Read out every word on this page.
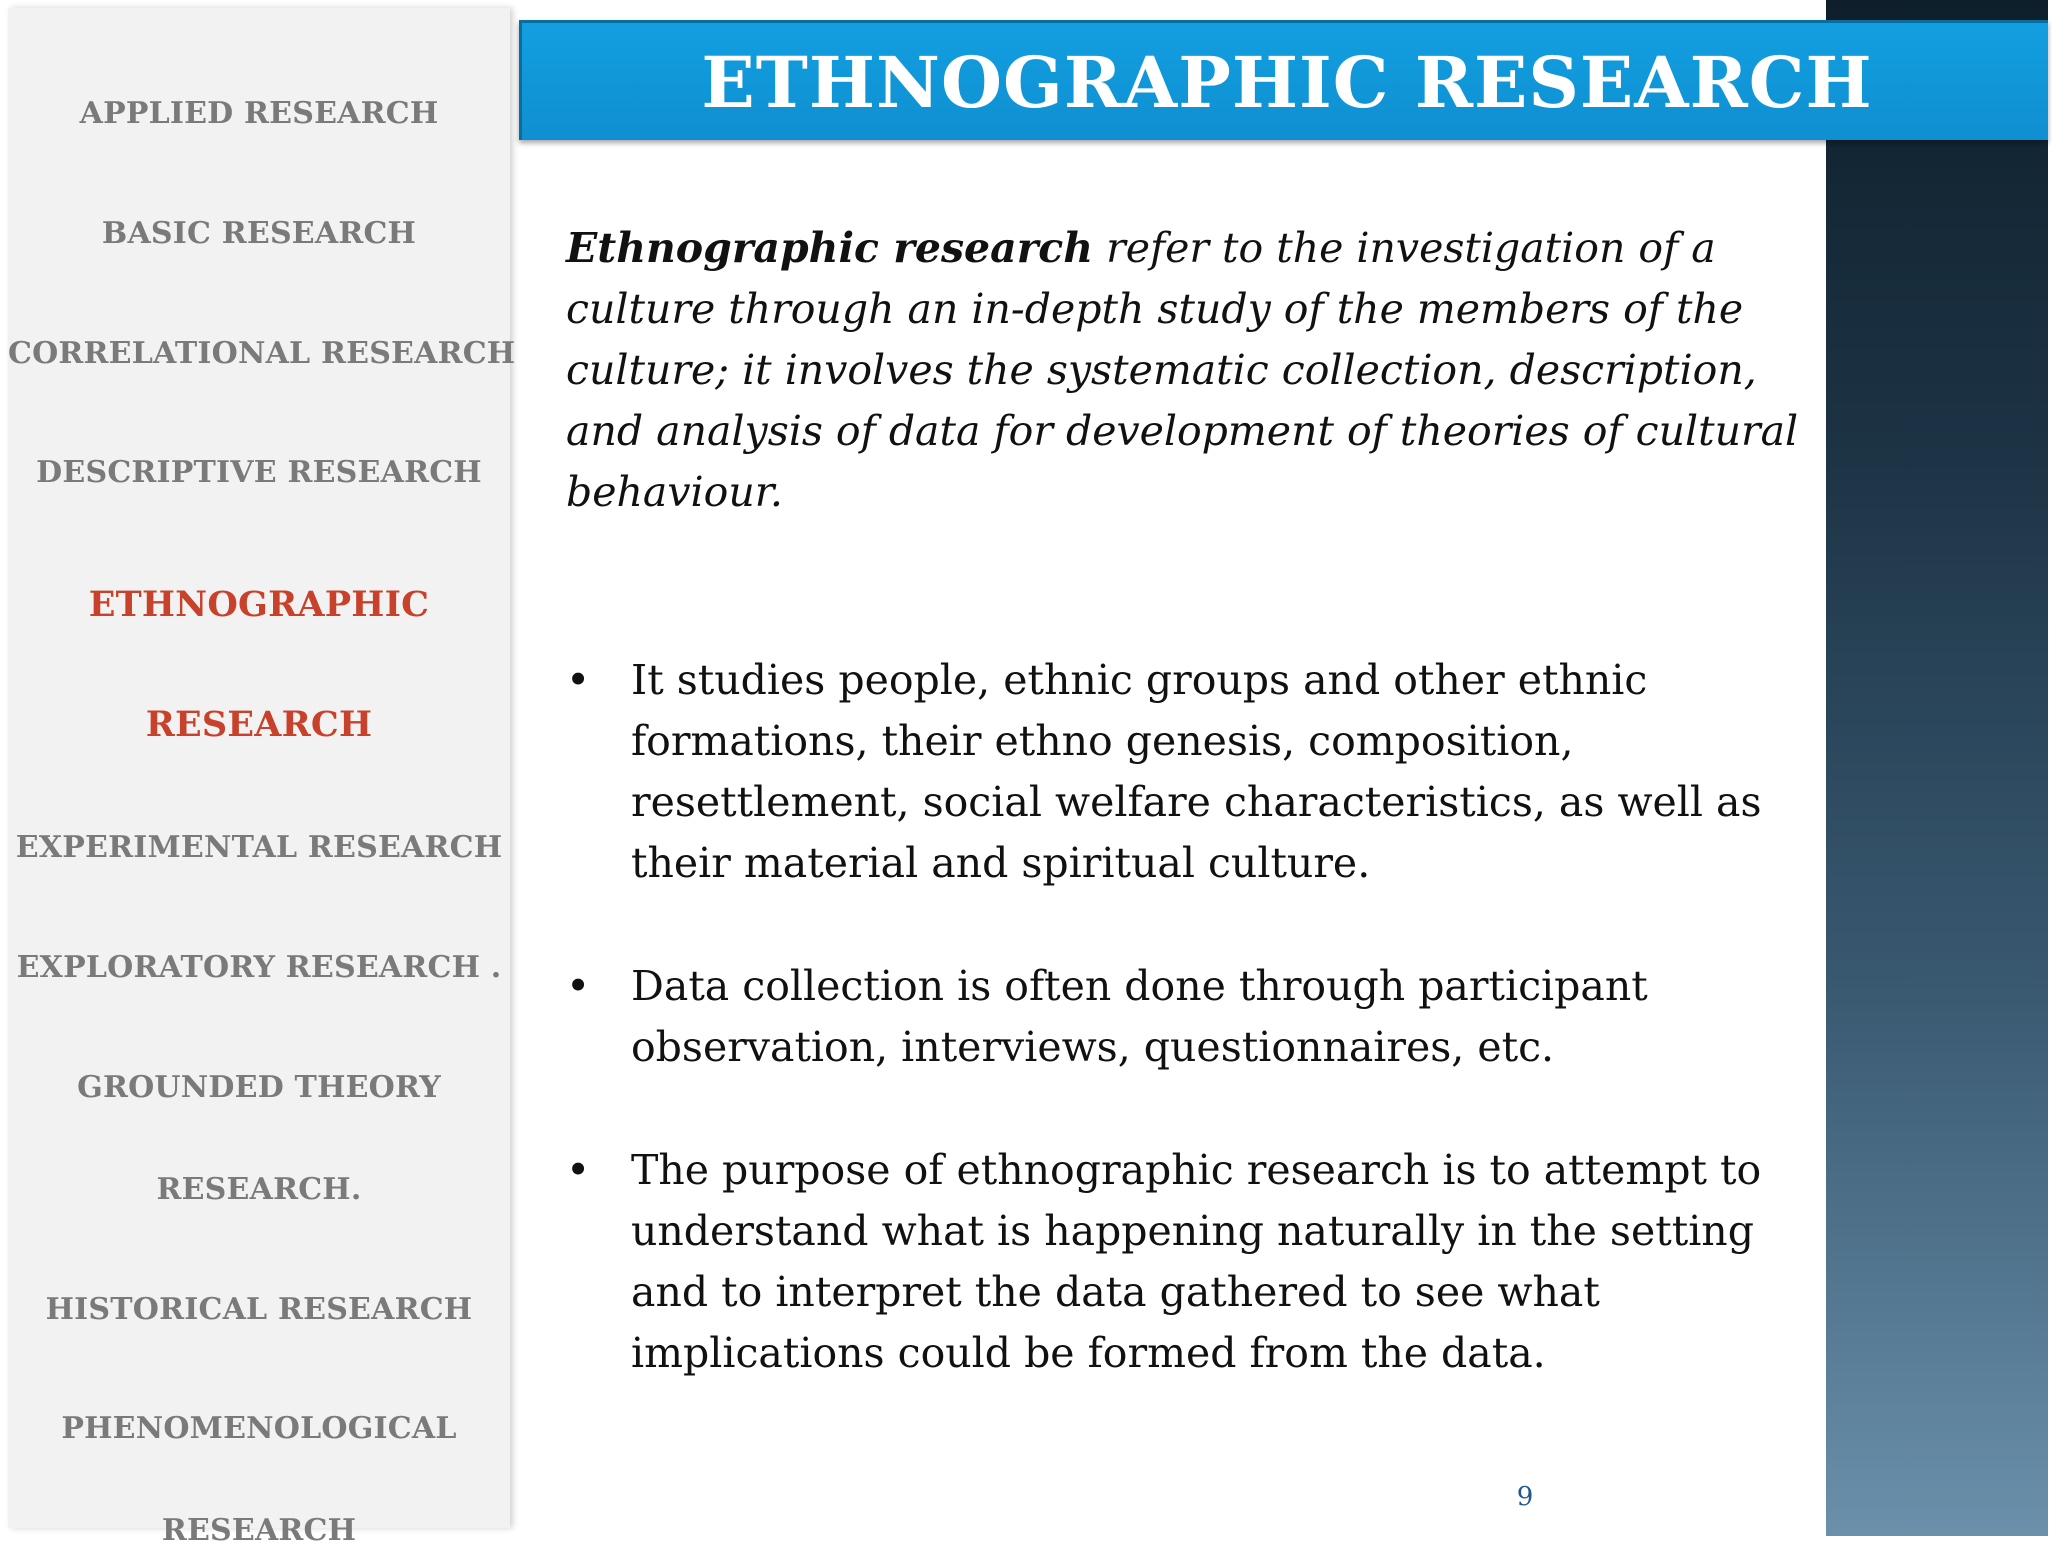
APPLIED RESEARCH
BASIC RESEARCH
CORRELATIONAL RESEARCH
DESCRIPTIVE RESEARCH
ETHNOGRAPHIC
RESEARCH
EXPERIMENTAL RESEARCH
EXPLORATORY RESEARCH .
GROUNDED THEORY
RESEARCH.
HISTORICAL RESEARCH
PHENOMENOLOGICAL
RESEARCH
ETHNOGRAPHIC RESEARCH

Ethnographic research refer to the investigation of a culture through an in-depth study of the members of the culture; it involves the systematic collection, description, and analysis of data for development of theories of cultural behaviour.

• It studies people, ethnic groups and other ethnic formations, their ethno genesis, composition, resettlement, social welfare characteristics, as well as their material and spiritual culture.
• Data collection is often done through participant observation, interviews, questionnaires, etc.
• The purpose of ethnographic research is to attempt to understand what is happening naturally in the setting and to interpret the data gathered to see what implications could be formed from the data.
9
